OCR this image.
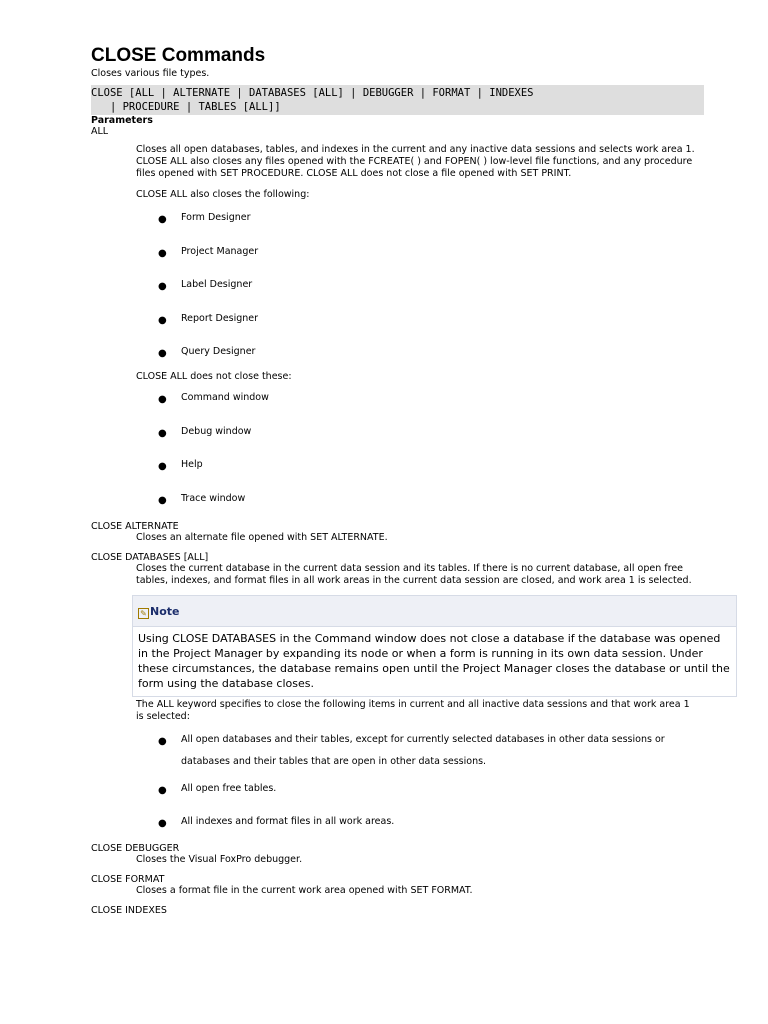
CLOSE Commands
Closes various file types.
CLOSE [ALL | ALTERNATE | DATABASES [ALL] | DEBUGGER | FORMAT | INDEXES
| PROCEDURE | TABLES [ALL]]
Parameters
ALL

Closes all open databases, tables, and indexes in the current and any inactive data sessions and selects work area 1. CLOSE ALL also closes any files opened with the FCREATE( ) and FOPEN( ) low-level file functions, and any procedure files opened with SET PROCEDURE. CLOSE ALL does not close a file opened with SET PRINT.

CLOSE ALL also closes the following:

● Form Designer
● Project Manager
● Label Designer
● Report Designer
● Query Designer

CLOSE ALL does not close these:

● Command window
● Debug window
● Help
● Trace window
CLOSE ALTERNATE
Closes an alternate file opened with SET ALTERNATE.
CLOSE DATABASES [ALL]
Closes the current database in the current data session and its tables. If there is no current database, all open free tables, indexes, and format files in all work areas in the current data session are closed, and work area 1 is selected.
✎ Note
Using CLOSE DATABASES in the Command window does not close a database if the database was opened in the Project Manager by expanding its node or when a form is running in its own data session. Under these circumstances, the database remains open until the Project Manager closes the database or until the form using the database closes.
The ALL keyword specifies to close the following items in current and all inactive data sessions and that work area 1 is selected:
● All open databases and their tables, except for currently selected databases in other data sessions or
databases and their tables that are open in other data sessions.
● All open free tables.
● All indexes and format files in all work areas.
CLOSE DEBUGGER
Closes the Visual FoxPro debugger.
CLOSE FORMAT
Closes a format file in the current work area opened with SET FORMAT.
CLOSE INDEXES
